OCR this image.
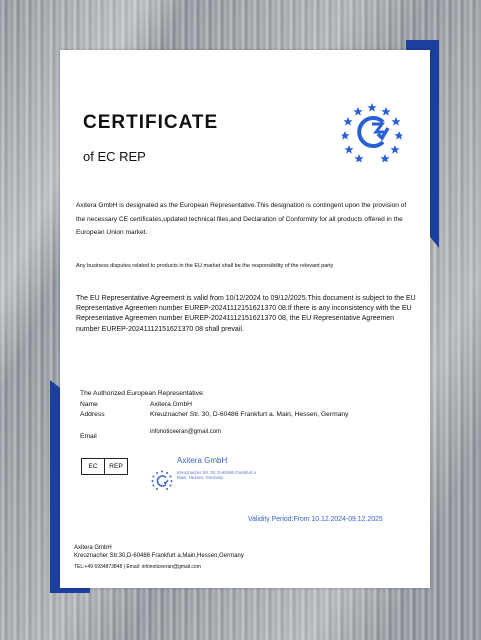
CERTIFICATE
of EC REP
Axitera GmbH is designated as the European Representative.This designation is contingent upon the provision of the necessary CE certificates,updated technical files,and Declaration of Conformity for all products offered in the European Union market.
Any business disputes related to products in the EU market shall be the responsibility of the relevant party
The EU Representative Agreement is valid from 10/12/2024 to 09/12/2025.This document is subject to the EU Representative Agreemen number EUREP-20241112151621370 08.If there is any inconsistency with the EU Representative Agreemen number EUREP-20241112151621370 08, the EU Representative Agreemen number EUREP-20241112151621370 08 shall prevail.
The Authorized European Representative:
Name	Axitera GmbH
Address	Kreuznacher Str. 30, D-60486 Frankfurt a. Main, Hessen, Germany
Email
infonoticeeran@gmail.com
EC	REP
Axitera GmbH
Kreuznacher Str. 30, D-60486 Frankfurt a. Main, Hessen, Germany
Validity Period:From 10.12.2024-09.12.2025
Axitera GmbH
Kreuznacher Str.30,D-60486 Frankfurt a.Main,Hessen,Germany
TEL:+49 6934873848 | Email: infonoticeeran@gmail.com
